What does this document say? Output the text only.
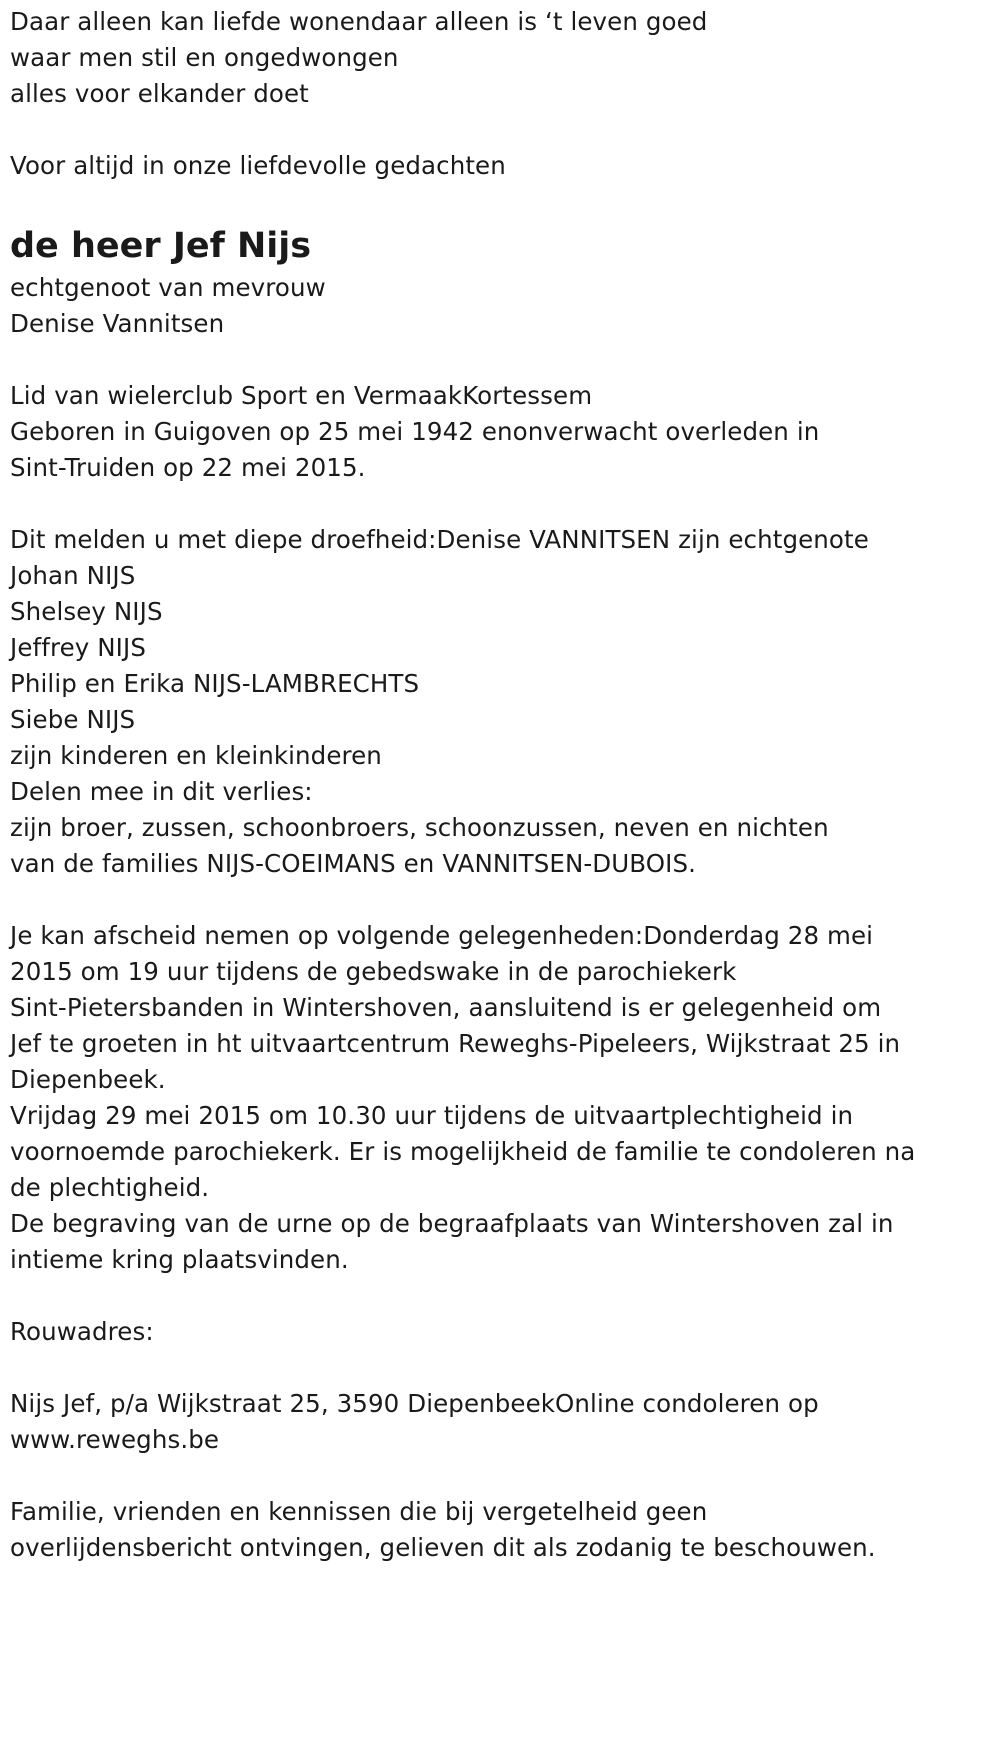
Daar alleen kan liefde wonendaar alleen is ‘t leven goed
waar men stil en ongedwongen
alles voor elkander doet
Voor altijd in onze liefdevolle gedachten
de heer Jef Nijs
echtgenoot van mevrouw
Denise Vannitsen
Lid van wielerclub Sport en VermaakKortessem
Geboren in Guigoven op 25 mei 1942 enonverwacht overleden in
Sint-Truiden op 22 mei 2015.
Dit melden u met diepe droefheid:Denise VANNITSEN zijn echtgenote
Johan NIJS
Shelsey NIJS
Jeffrey NIJS
Philip en Erika NIJS-LAMBRECHTS
Siebe NIJS
zijn kinderen en kleinkinderen
Delen mee in dit verlies:
zijn broer, zussen, schoonbroers, schoonzussen, neven en nichten
van de families NIJS-COEIMANS en VANNITSEN-DUBOIS.
Je kan afscheid nemen op volgende gelegenheden:Donderdag 28 mei
2015 om 19 uur tijdens de gebedswake in de parochiekerk
Sint-Pietersbanden in Wintershoven, aansluitend is er gelegenheid om
Jef te groeten in ht uitvaartcentrum Reweghs-Pipeleers, Wijkstraat 25 in
Diepenbeek.
Vrijdag 29 mei 2015 om 10.30 uur tijdens de uitvaartplechtigheid in
voornoemde parochiekerk. Er is mogelijkheid de familie te condoleren na
de plechtigheid.
De begraving van de urne op de begraafplaats van Wintershoven zal in
intieme kring plaatsvinden.
Rouwadres:
Nijs Jef, p/a Wijkstraat 25, 3590 DiepenbeekOnline condoleren op
www.reweghs.be
Familie, vrienden en kennissen die bij vergetelheid geen
overlijdensbericht ontvingen, gelieven dit als zodanig te beschouwen.
